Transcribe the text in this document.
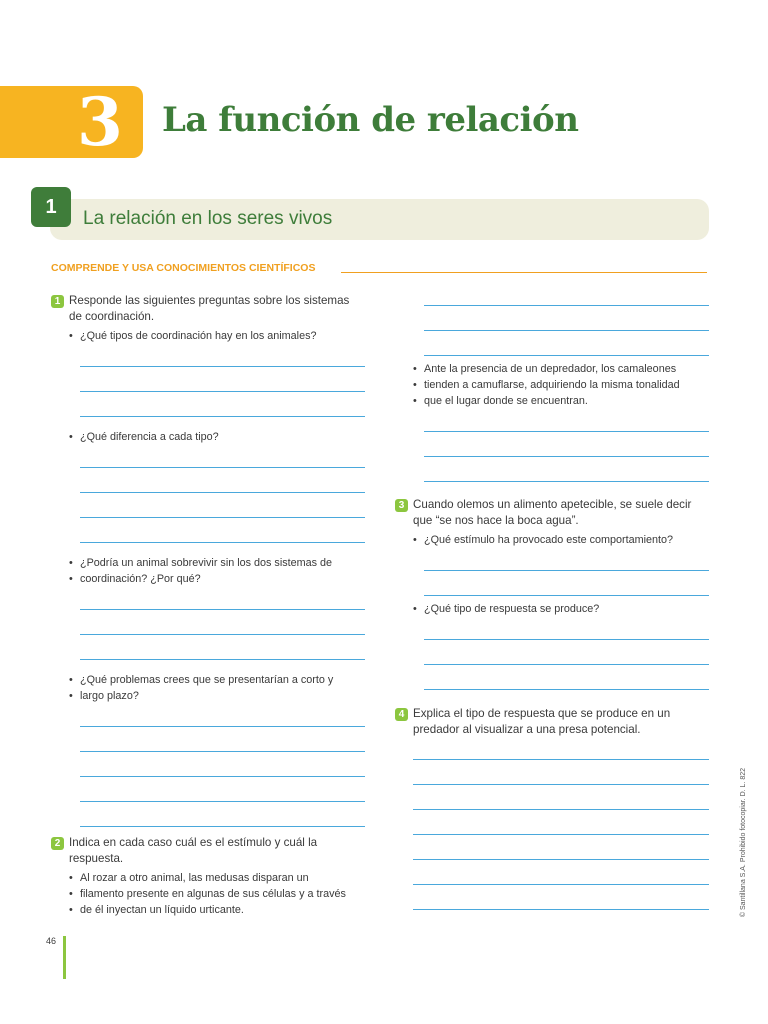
3	La función de relación
1
La relación en los seres vivos
COMPRENDE Y USA CONOCIMIENTOS CIENTÍFICOS
1 Responde las siguientes preguntas sobre los sistemas
de coordinación.
• ¿Qué tipos de coordinación hay en los animales?
• ¿Qué diferencia a cada tipo?
• ¿Podría un animal sobrevivir sin los dos sistemas de
• coordinación? ¿Por qué?
• ¿Qué problemas crees que se presentarían a corto y
• largo plazo?
2 Indica en cada caso cuál es el estímulo y cuál la
respuesta.
• Al rozar a otro animal, las medusas disparan un
• filamento presente en algunas de sus células y a través
• de él inyectan un líquido urticante.
• Ante la presencia de un depredador, los camaleones
• tienden a camuflarse, adquiriendo la misma tonalidad
• que el lugar donde se encuentran.
3 Cuando olemos un alimento apetecible, se suele decir
que “se nos hace la boca agua”.
• ¿Qué estímulo ha provocado este comportamiento?
• ¿Qué tipo de respuesta se produce?
4 Explica el tipo de respuesta que se produce en un
predador al visualizar a una presa potencial.
46
© Santillana S.A. Prohibido fotocopiar. D. L. 822
